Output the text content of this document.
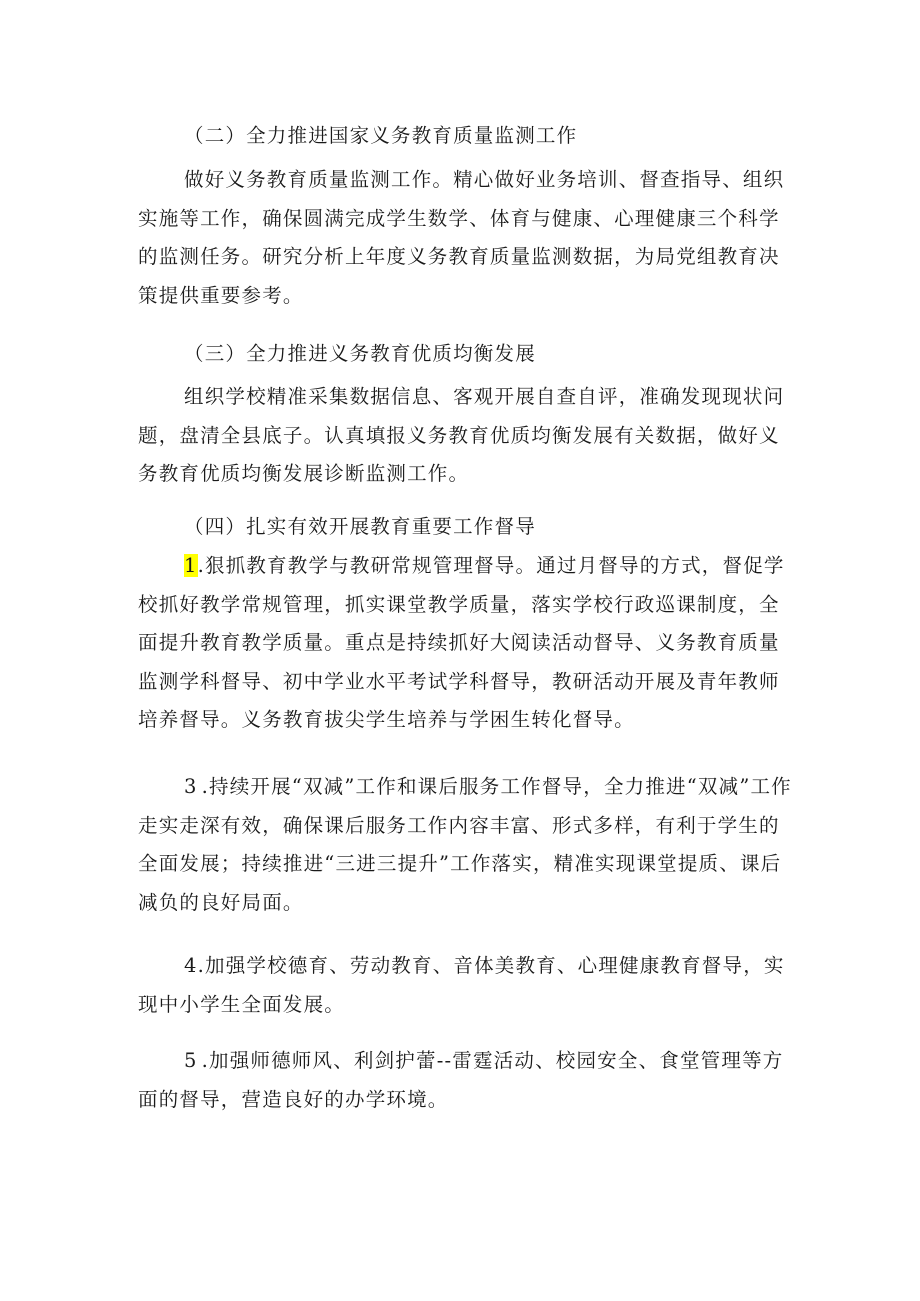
（二）全力推进国家义务教育质量监测工作

做好义务教育质量监测工作。精心做好业务培训、督查指导、组织实施等工作，确保圆满完成学生数学、体育与健康、心理健康三个科学的监测任务。研究分析上年度义务教育质量监测数据，为局党组教育决策提供重要参考。

（三）全力推进义务教育优质均衡发展

组织学校精准采集数据信息、客观开展自查自评，准确发现现状问题，盘清全县底子。认真填报义务教育优质均衡发展有关数据，做好义务教育优质均衡发展诊断监测工作。

（四）扎实有效开展教育重要工作督导

1.狠抓教育教学与教研常规管理督导。通过月督导的方式，督促学校抓好教学常规管理，抓实课堂教学质量，落实学校行政巡课制度，全面提升教育教学质量。重点是持续抓好大阅读活动督导、义务教育质量监测学科督导、初中学业水平考试学科督导，教研活动开展及青年教师培养督导。义务教育拔尖学生培养与学困生转化督导。

3 .持续开展“双减”工作和课后服务工作督导，全力推进“双减”工作走实走深有效，确保课后服务工作内容丰富、形式多样，有利于学生的全面发展；持续推进“三进三提升”工作落实，精准实现课堂提质、课后减负的良好局面。

4.加强学校德育、劳动教育、音体美教育、心理健康教育督导，实现中小学生全面发展。

5 .加强师德师风、利剑护蕾--雷霆活动、校园安全、食堂管理等方面的督导，营造良好的办学环境。
